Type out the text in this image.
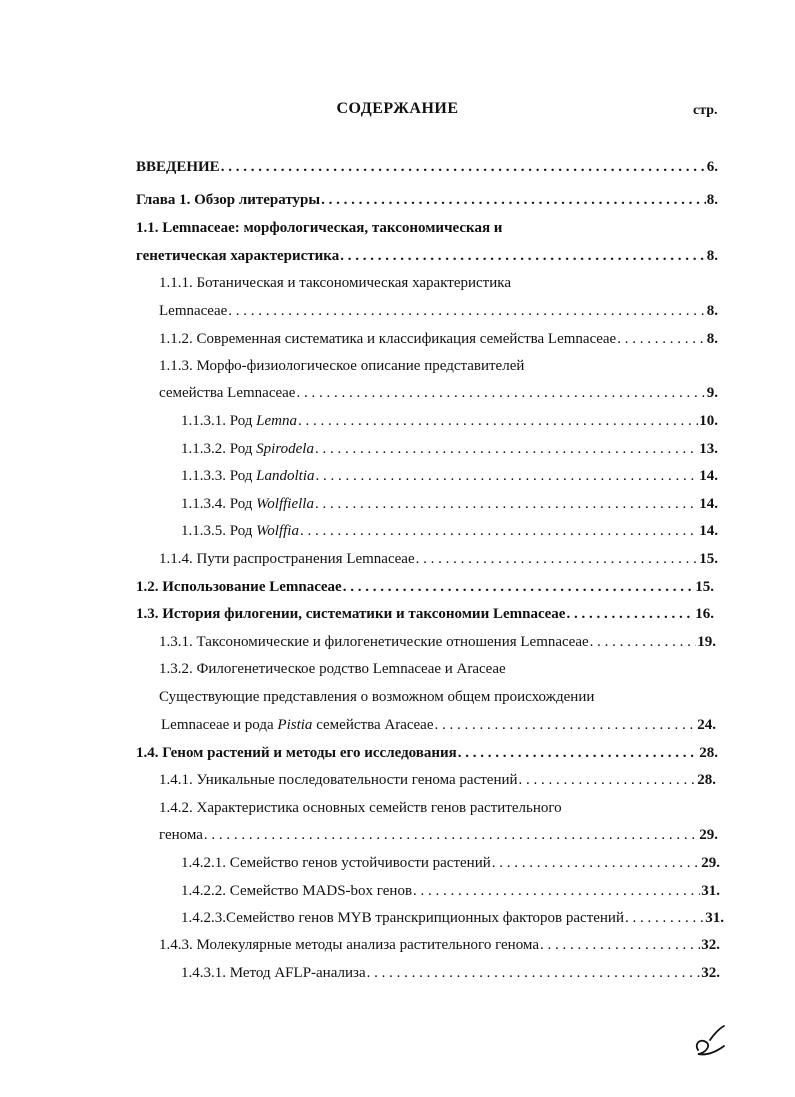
СОДЕРЖАНИЕ	стр.
ВВЕДЕНИЕ . . .	6.
Глава 1. Обзор литературы . . .	8.
1.1. Lemnaceae: морфологическая, таксономическая и
генетическая характеристика . . .	8.
1.1.1. Ботаническая и таксономическая характеристика
Lemnaceae . . .	8.
1.1.2. Современная систематика и классификация семейства Lemnaceae . . .	8.
1.1.3. Морфо-физиологическое описание представителей
семейства Lemnaceae . . .	9.
1.1.3.1. Род Lemna . . .	10.
1.1.3.2. Род Spirodela . . .	13.
1.1.3.3. Род Landoltia . . .	14.
1.1.3.4. Род Wolffiella . . .	14.
1.1.3.5. Род Wolffia . . .	14.
1.1.4. Пути распространения Lemnaceae . . .	15.
1.2. Использование Lemnaceae . . .	15.
1.3. История филогении, систематики и таксономии Lemnaceae . . .	16.
1.3.1. Таксономические и филогенетические отношения Lemnaceae . . .	19.
1.3.2. Филогенетическое родство Lemnaceae и Araceae
Существующие представления о возможном общем происхождении
Lemnaceae и рода Pistia семейства Araceae . . .	24.
1.4. Геном растений и методы его исследования . . .	28.
1.4.1. Уникальные последовательности генома растений . . .	28.
1.4.2. Характеристика основных семейств генов растительного
генома . . .	29.
1.4.2.1. Семейство генов устойчивости растений . . .	29.
1.4.2.2. Семейство MADS-box генов . . .	31.
1.4.2.3.Семейство генов MYB транскрипционных факторов растений . . .	31.
1.4.3. Молекулярные методы анализа растительного генома . . .	32.
1.4.3.1. Метод AFLP-анализа . . .	32.
